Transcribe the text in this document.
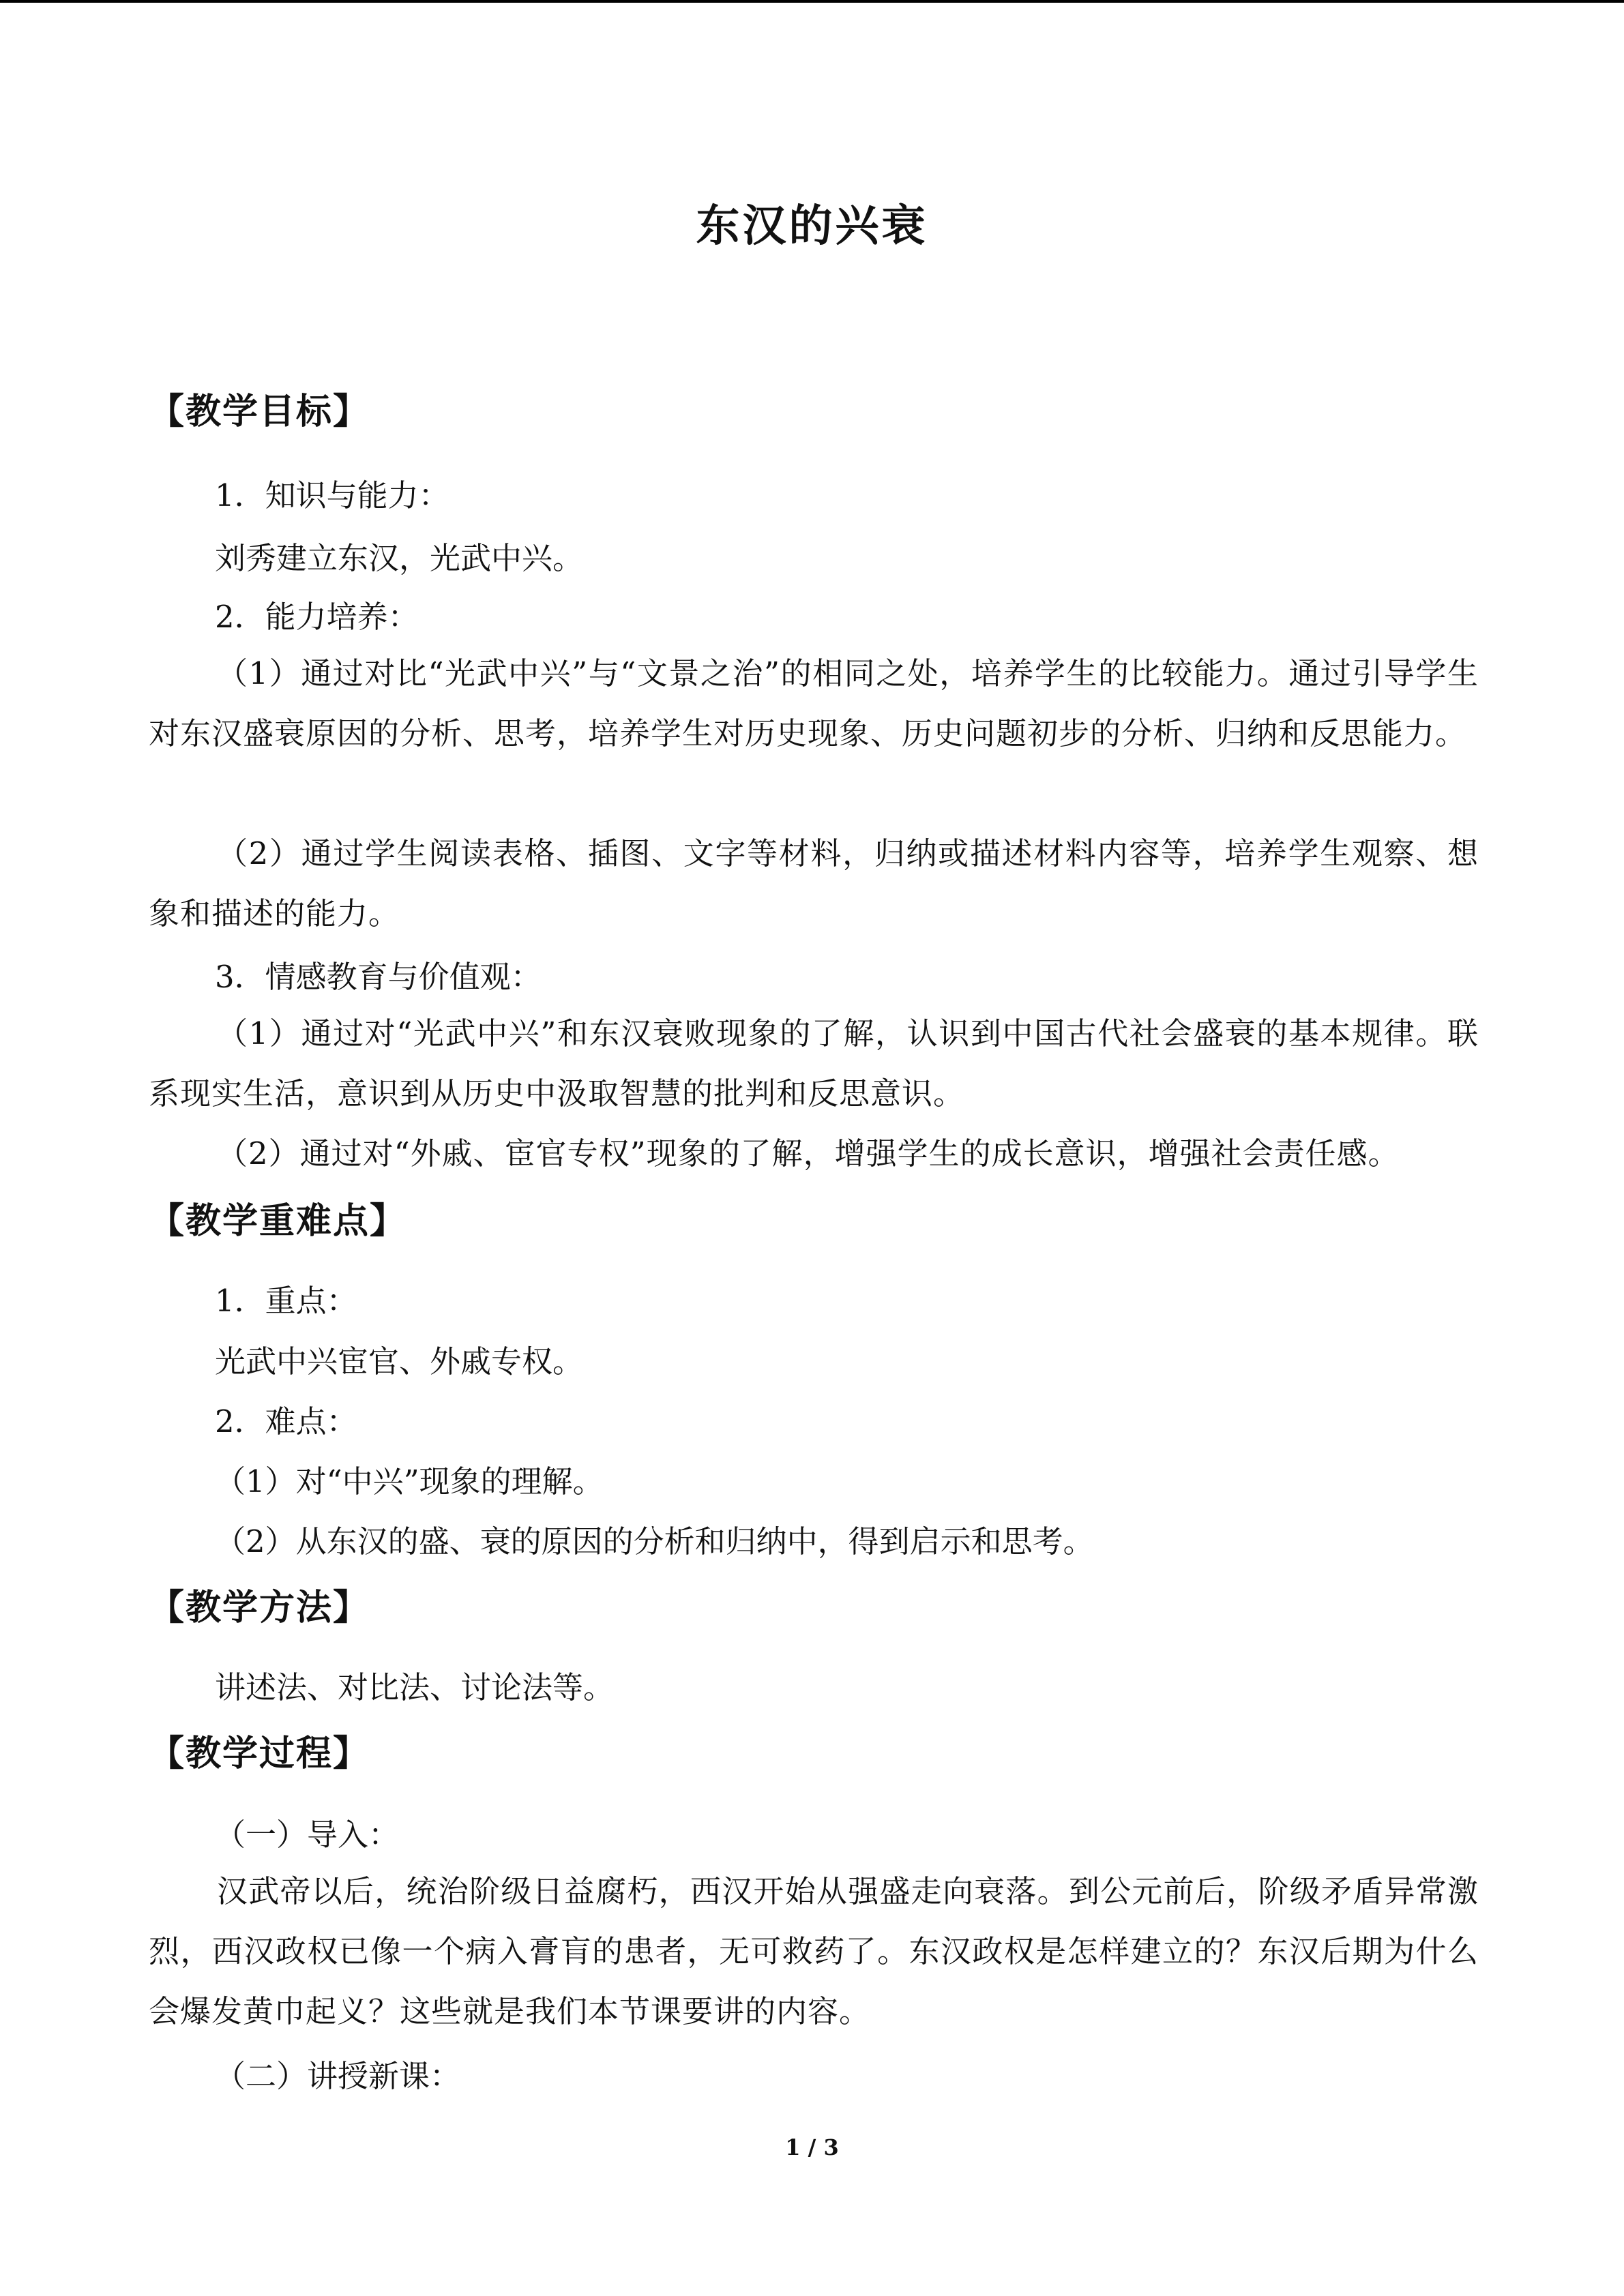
东汉的兴衰
【教学目标】
1．知识与能力：
刘秀建立东汉，光武中兴。
2．能力培养：
（1）通过对比“光武中兴”与“文景之治”的相同之处，培养学生的比较能力。通过引导学生对东汉盛衰原因的分析、思考，培养学生对历史现象、历史问题初步的分析、归纳和反思能力。
（2）通过学生阅读表格、插图、文字等材料，归纳或描述材料内容等，培养学生观察、想象和描述的能力。
3．情感教育与价值观：
（1）通过对“光武中兴”和东汉衰败现象的了解，认识到中国古代社会盛衰的基本规律。联系现实生活，意识到从历史中汲取智慧的批判和反思意识。
（2）通过对“外戚、宦官专权”现象的了解，增强学生的成长意识，增强社会责任感。
【教学重难点】
1．重点：
光武中兴宦官、外戚专权。
2．难点：
（1）对“中兴”现象的理解。
（2）从东汉的盛、衰的原因的分析和归纳中，得到启示和思考。
【教学方法】
讲述法、对比法、讨论法等。
【教学过程】
（一）导入：
汉武帝以后，统治阶级日益腐朽，西汉开始从强盛走向衰落。到公元前后，阶级矛盾异常激烈，西汉政权已像一个病入膏肓的患者，无可救药了。东汉政权是怎样建立的？东汉后期为什么会爆发黄巾起义？这些就是我们本节课要讲的内容。
（二）讲授新课：
1 / 3
